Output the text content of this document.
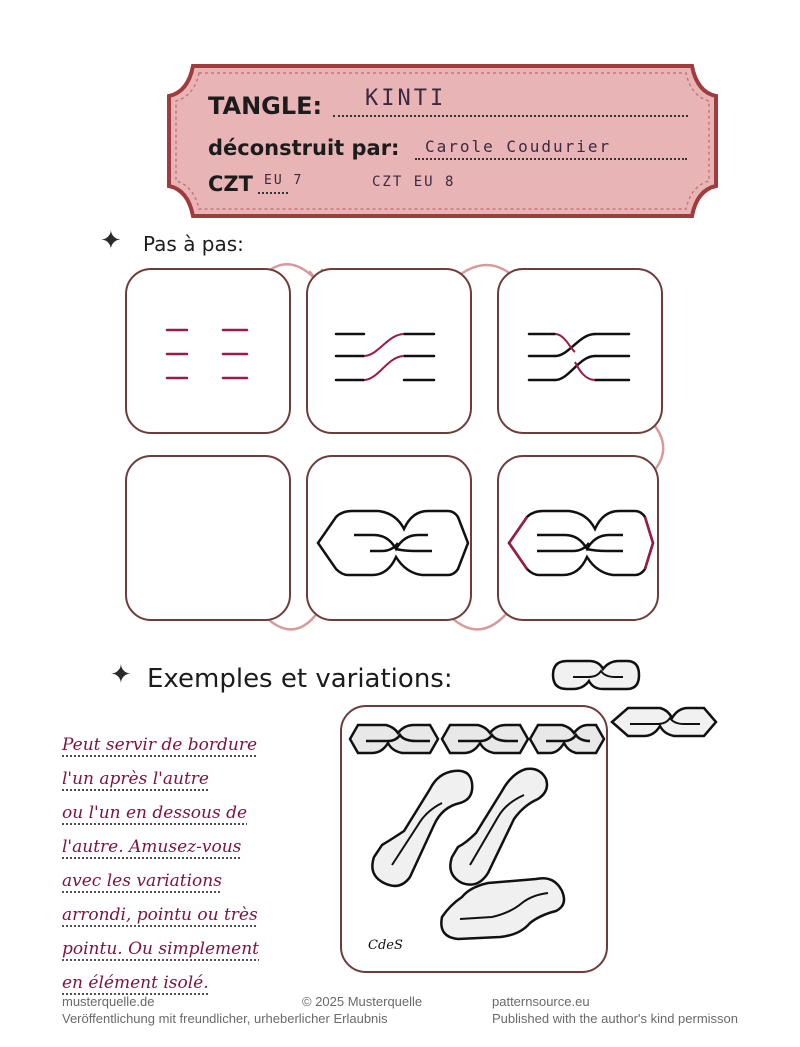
TANGLE: KINTI
déconstruit par: Carole Coudurier
CZT EU 7	CZT EU 8
✦ Pas à pas:
✦ Exemples et variations:
CdeS
Peut servir de bordure
l'un après l'autre
ou l'un en dessous de
l'autre. Amusez-vous
avec les variations
arrondi, pointu ou très
pointu. Ou simplement
en élément isolé.
musterquelle.de
Veröffentlichung mit freundlicher, urheberlicher Erlaubnis
© 2025 Musterquelle	patternsource.eu
Published with the author's kind permisson
